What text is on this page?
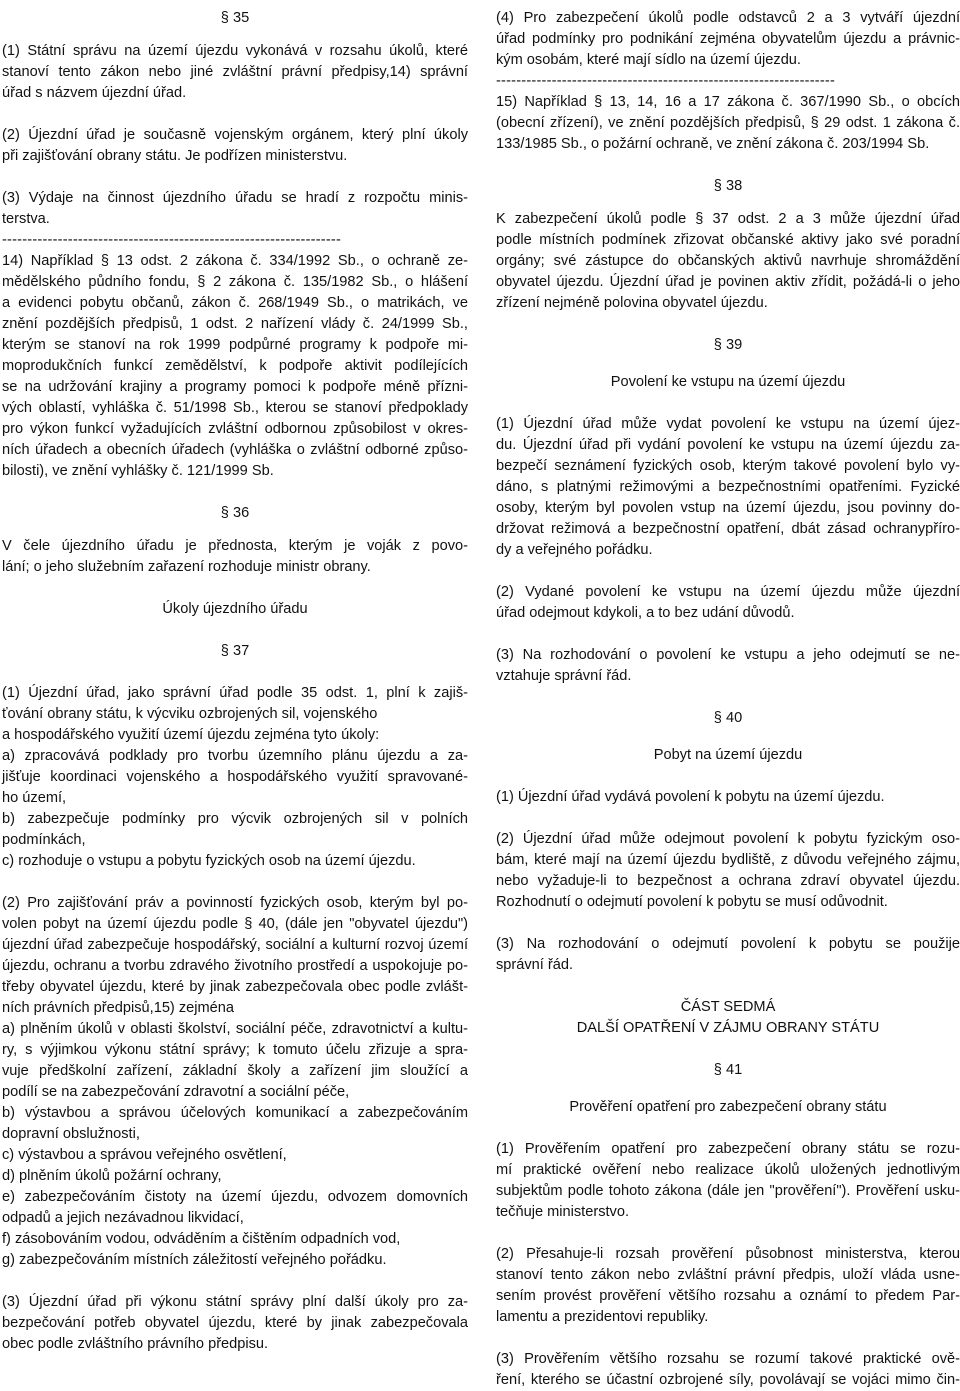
§ 35
(1) Státní správu na území újezdu vykonává v rozsahu úkolů, které
stanoví tento zákon nebo jiné zvláštní právní předpisy,14) správní
úřad s názvem újezdní úřad.
(2) Újezdní úřad je současně vojenským orgánem, který plní úkoly
při zajišťování obrany státu. Je podřízen ministerstvu.
(3) Výdaje na činnost újezdního úřadu se hradí z rozpočtu minis-
terstva.
-------------------------------------------------------------------
14) Například § 13 odst. 2 zákona č. 334/1992 Sb., o ochraně ze-
mědělského půdního fondu, § 2 zákona č. 135/1982 Sb., o hlášení
a evidenci pobytu občanů, zákon č. 268/1949 Sb., o matrikách, ve
znění pozdějších předpisů, 1 odst. 2 nařízení vlády č. 24/1999 Sb.,
kterým se stanoví na rok 1999 podpůrné programy k podpoře mi-
moprodukčních funkcí zemědělství, k podpoře aktivit podílejících
se na udržování krajiny a programy pomoci k podpoře méně přízni-
vých oblastí, vyhláška č. 51/1998 Sb., kterou se stanoví předpoklady
pro výkon funkcí vyžadujících zvláštní odbornou způsobilost v okres-
ních úřadech a obecních úřadech (vyhláška o zvláštní odborné způso-
bilosti), ve znění vyhlášky č. 121/1999 Sb.
§ 36
V čele újezdního úřadu je přednosta, kterým je voják z povo-
lání; o jeho služebním zařazení rozhoduje ministr obrany.
Úkoly újezdního úřadu
§ 37
(1) Újezdní úřad, jako správní úřad podle 35 odst. 1, plní k zajiš-
ťování obrany státu, k výcviku ozbrojených sil, vojenského
a hospodářského využití území újezdu zejména tyto úkoly:
a) zpracovává podklady pro tvorbu územního plánu újezdu a za-
jišťuje koordinaci vojenského a hospodářského využití spravované-
ho území,
b) zabezpečuje podmínky pro výcvik ozbrojených sil v polních
podmínkách,
c) rozhoduje o vstupu a pobytu fyzických osob na území újezdu.
(2) Pro zajišťování práv a povinností fyzických osob, kterým byl po-
volen pobyt na území újezdu podle § 40, (dále jen "obyvatel újezdu")
újezdní úřad zabezpečuje hospodářský, sociální a kulturní rozvoj území
újezdu, ochranu a tvorbu zdravého životního prostředí a uspokojuje po-
třeby obyvatel újezdu, které by jinak zabezpečovala obec podle zvlášt-
ních právních předpisů,15) zejména
a) plněním úkolů v oblasti školství, sociální péče, zdravotnictví a kultu-
ry, s výjimkou výkonu státní správy; k tomuto účelu zřizuje a spra-
vuje předškolní zařízení, základní školy a zařízení jim sloužící a
podílí se na zabezpečování zdravotní a sociální péče,
b) výstavbou a správou účelových komunikací a zabezpečováním
dopravní obslužnosti,
c) výstavbou a správou veřejného osvětlení,
d) plněním úkolů požární ochrany,
e) zabezpečováním čistoty na území újezdu, odvozem domovních
odpadů a jejich nezávadnou likvidací,
f) zásobováním vodou, odváděním a čištěním odpadních vod,
g) zabezpečováním místních záležitostí veřejného pořádku.
(3) Újezdní úřad při výkonu státní správy plní další úkoly pro za-
bezpečování potřeb obyvatel újezdu, které by jinak zabezpečovala
obec podle zvláštního právního předpisu.
(4) Pro zabezpečení úkolů podle odstavců 2 a 3 vytváří újezdní
úřad podmínky pro podnikání zejména obyvatelům újezdu a právnic-
kým osobám, které mají sídlo na území újezdu.
-------------------------------------------------------------------
15) Například § 13, 14, 16 a 17 zákona č. 367/1990 Sb., o obcích
(obecní zřízení), ve znění pozdějších předpisů, § 29 odst. 1 zákona č.
133/1985 Sb., o požární ochraně, ve znění zákona č. 203/1994 Sb.
§ 38
K zabezpečení úkolů podle § 37 odst. 2 a 3 může újezdní úřad
podle místních podmínek zřizovat občanské aktivy jako své poradní
orgány; své zástupce do občanských aktivů navrhuje shromáždění
obyvatel újezdu. Újezdní úřad je povinen aktiv zřídit, požádá-li o jeho
zřízení nejméně polovina obyvatel újezdu.
§ 39
Povolení ke vstupu na území újezdu
(1) Újezdní úřad může vydat povolení ke vstupu na území újez-
du. Újezdní úřad při vydání povolení ke vstupu na území újezdu za-
bezpečí seznámení fyzických osob, kterým takové povolení bylo vy-
dáno, s platnými režimovými a bezpečnostními opatřeními. Fyzické
osoby, kterým byl povolen vstup na území újezdu, jsou povinny do-
držovat režimová a bezpečnostní opatření, dbát zásad ochranypřírо-
dy a veřejného pořádku.
(2) Vydané povolení ke vstupu na území újezdu může újezdní
úřad odejmout kdykoli, a to bez udání důvodů.
(3) Na rozhodování o povolení ke vstupu a jeho odejmutí se ne-
vztahuje správní řád.
§ 40
Pobyt na území újezdu
(1) Újezdní úřad vydává povolení k pobytu na území újezdu.
(2) Újezdní úřad může odejmout povolení k pobytu fyzickým oso-
bám, které mají na území újezdu bydliště, z důvodu veřejného zájmu,
nebo vyžaduje-li to bezpečnost a ochrana zdraví obyvatel újezdu.
Rozhodnutí o odejmutí povolení k pobytu se musí odůvodnit.
(3) Na rozhodování o odejmutí povolení k pobytu se použije
správní řád.
ČÁST SEDMÁ
DALŠÍ OPATŘENÍ V ZÁJMU OBRANY STÁTU
§ 41
Prověření opatření pro zabezpečení obrany státu
(1) Prověřením opatření pro zabezpečení obrany státu se rozu-
mí praktické ověření nebo realizace úkolů uložených jednotlivým
subjektům podle tohoto zákona (dále jen "prověření"). Prověření usku-
tečňuje ministerstvo.
(2) Přesahuje-li rozsah prověření působnost ministerstva, kterou
stanoví tento zákon nebo zvláštní právní předpis, uloží vláda usne-
sením provést prověření většího rozsahu a oznámí to předem Par-
lamentu a prezidentovi republiky.
(3) Prověřením většího rozsahu se rozumí takové praktické ově-
ření, kterého se účastní ozbrojené síly, povolávají se vojáci mimo čin-
